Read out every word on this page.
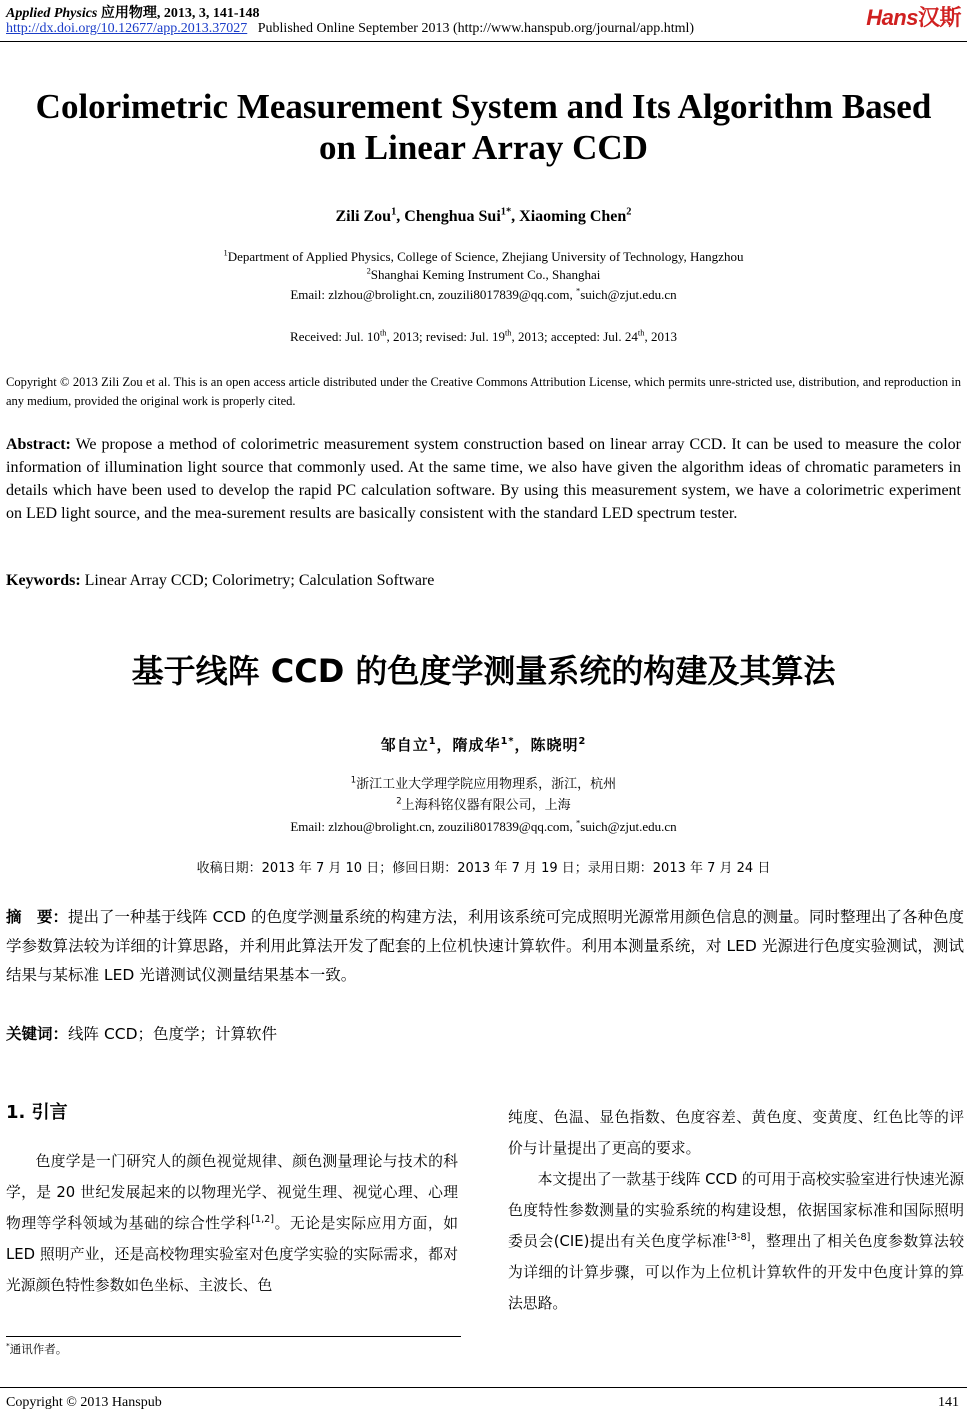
Applied Physics 应用物理, 2013, 3, 141-148
http://dx.doi.org/10.12677/app.2013.37027 Published Online September 2013 (http://www.hanspub.org/journal/app.html)	Hans汉斯
Colorimetric Measurement System and Its Algorithm Based
on Linear Array CCD
Zili Zou$^1$, Chenghua Sui$^{1*}$, Xiaoming Chen$^2$
$^1$Department of Applied Physics, College of Science, Zhejiang University of Technology, Hangzhou
$^2$Shanghai Keming Instrument Co., Shanghai
Email: zlzhou@brolight.cn, zouzili8017839@qq.com, *suich@zjut.edu.cn
Received: Jul. 10th, 2013; revised: Jul. 19th, 2013; accepted: Jul. 24th, 2013
Copyright © 2013 Zili Zou et al. This is an open access article distributed under the Creative Commons Attribution License, which permits unre-stricted use, distribution, and reproduction in any medium, provided the original work is properly cited.
Abstract: We propose a method of colorimetric measurement system construction based on linear array CCD. It can be used to measure the color information of illumination light source that commonly used. At the same time, we also have given the algorithm ideas of chromatic parameters in details which have been used to develop the rapid PC calculation software. By using this measurement system, we have a colorimetric experiment on LED light source, and the mea-surement results are basically consistent with the standard LED spectrum tester.
Keywords: Linear Array CCD; Colorimetry; Calculation Software
基于线阵 CCD 的色度学测量系统的构建及其算法
邹自立$^1$，隋成华$^{1*}$，陈晓明$^2$
$^1$浙江工业大学理学院应用物理系，浙江，杭州
$^2$上海科铭仪器有限公司，上海
Email: zlzhou@brolight.cn, zouzili8017839@qq.com, *suich@zjut.edu.cn
收稿日期：2013 年 7 月 10 日；修回日期：2013 年 7 月 19 日；录用日期：2013 年 7 月 24 日
摘　要：提出了一种基于线阵 CCD 的色度学测量系统的构建方法，利用该系统可完成照明光源常用颜色信息的测量。同时整理出了各种色度学参数算法较为详细的计算思路，并利用此算法开发了配套的上位机快速计算软件。利用本测量系统，对 LED 光源进行色度实验测试，测试结果与某标准 LED 光谱测试仪测量结果基本一致。
关键词：线阵 CCD；色度学；计算软件
1. 引言
色度学是一门研究人的颜色视觉规律、颜色测量理论与技术的科学，是 20 世纪发展起来的以物理光学、视觉生理、视觉心理、心理物理等学科领域为基础的综合性学科[1,2]。无论是实际应用方面，如 LED 照明产业，还是高校物理实验室对色度学实验的实际需求，都对光源颜色特性参数如色坐标、主波长、色
纯度、色温、显色指数、色度容差、黄色度、变黄度、红色比等的评价与计量提出了更高的要求。
本文提出了一款基于线阵 CCD 的可用于高校实验室进行快速光源色度特性参数测量的实验系统的构建设想，依据国家标准和国际照明委员会(CIE)提出有关色度学标准[3-8]，整理出了相关色度参数算法较为详细的计算步骤，可以作为上位机计算软件的开发中色度计算的算法思路。
*通讯作者。
Copyright © 2013 Hanspub	141
